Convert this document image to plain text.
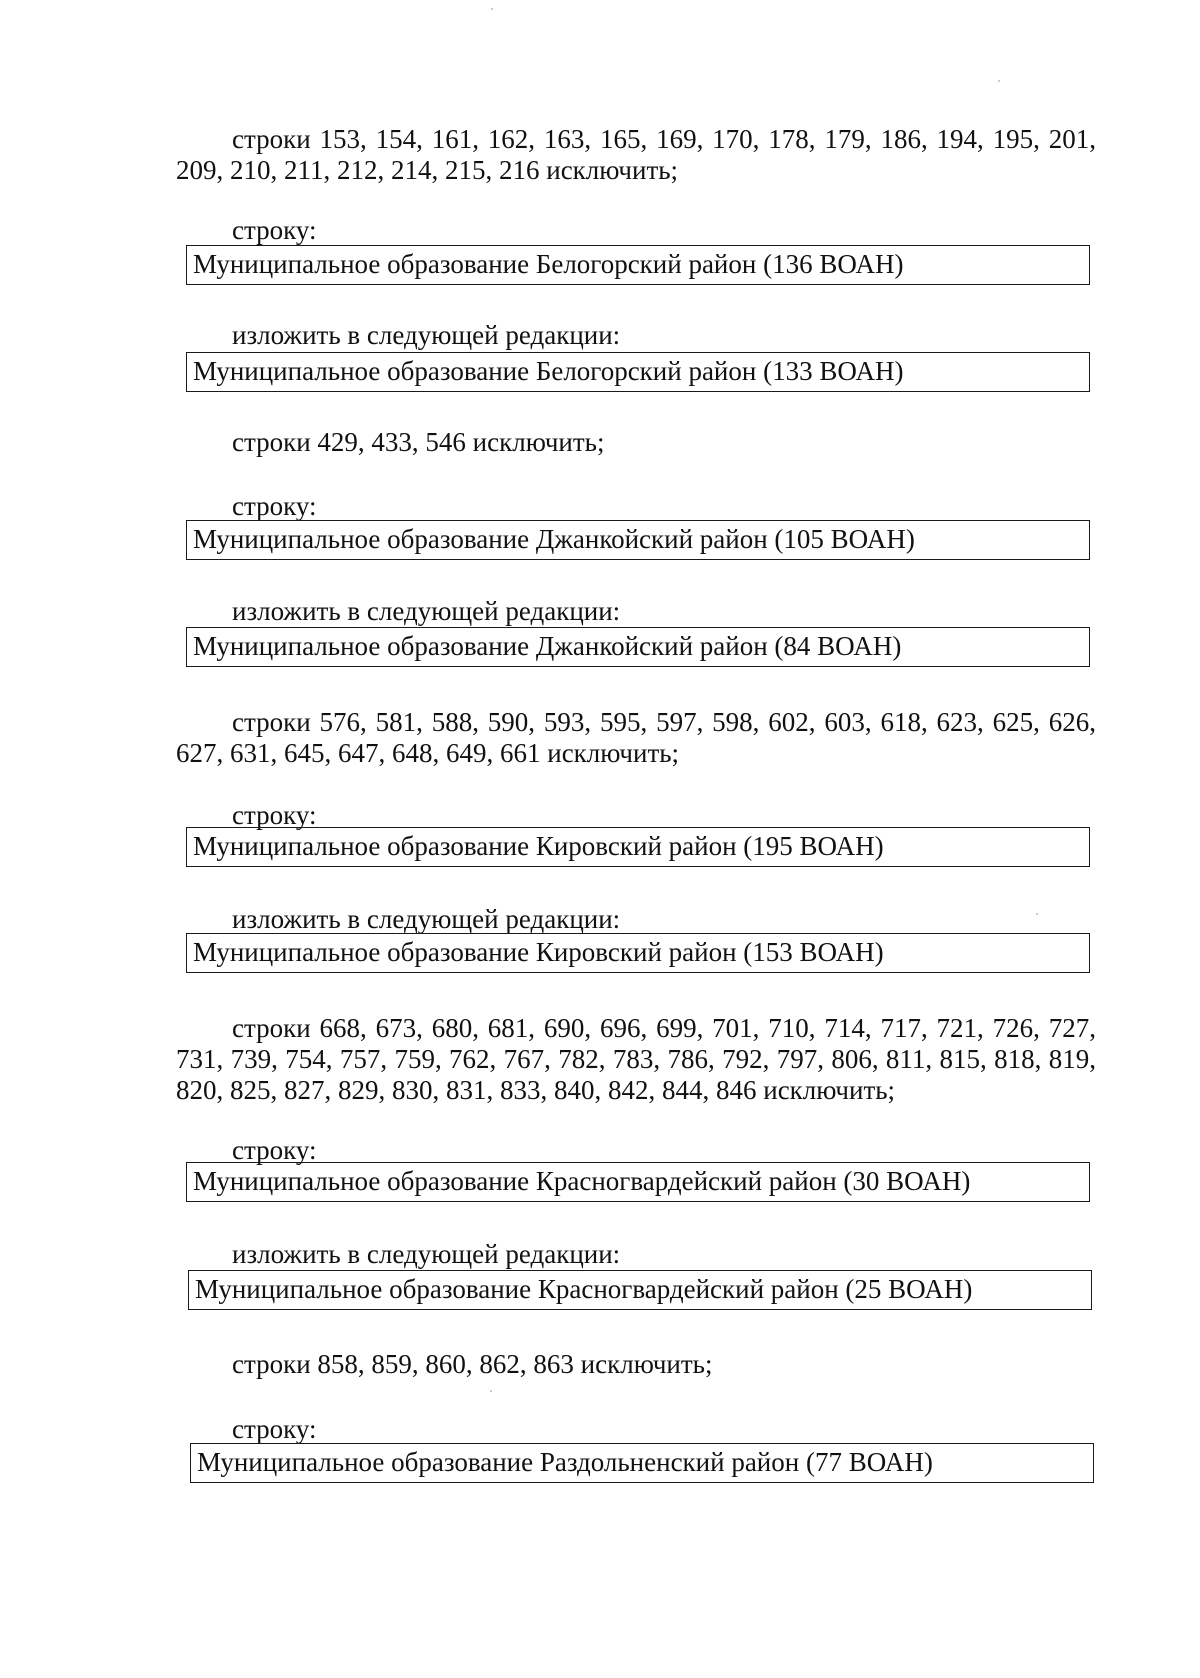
строки 153, 154, 161, 162, 163, 165, 169, 170, 178, 179, 186, 194, 195, 201, 209, 210, 211, 212, 214, 215, 216 исключить;
строку:
Муниципальное образование Белогорский район (136 ВОАН)
изложить в следующей редакции:
Муниципальное образование Белогорский район (133 ВОАН)
строки 429, 433, 546 исключить;
строку:
Муниципальное образование Джанкойский район (105 ВОАН)
изложить в следующей редакции:
Муниципальное образование Джанкойский район (84 ВОАН)
строки 576, 581, 588, 590, 593, 595, 597, 598, 602, 603, 618, 623, 625, 626, 627, 631, 645, 647, 648, 649, 661 исключить;
строку:
Муниципальное образование Кировский район (195 ВОАН)
изложить в следующей редакции:
Муниципальное образование Кировский район (153 ВОАН)
строки 668, 673, 680, 681, 690, 696, 699, 701, 710, 714, 717, 721, 726, 727, 731, 739, 754, 757, 759, 762, 767, 782, 783, 786, 792, 797, 806, 811, 815, 818, 819, 820, 825, 827, 829, 830, 831, 833, 840, 842, 844, 846 исключить;
строку:
Муниципальное образование Красногвардейский район (30 ВОАН)
изложить в следующей редакции:
Муниципальное образование Красногвардейский район (25 ВОАН)
строки 858, 859, 860, 862, 863 исключить;
строку:
Муниципальное образование Раздольненский район (77 ВОАН)
